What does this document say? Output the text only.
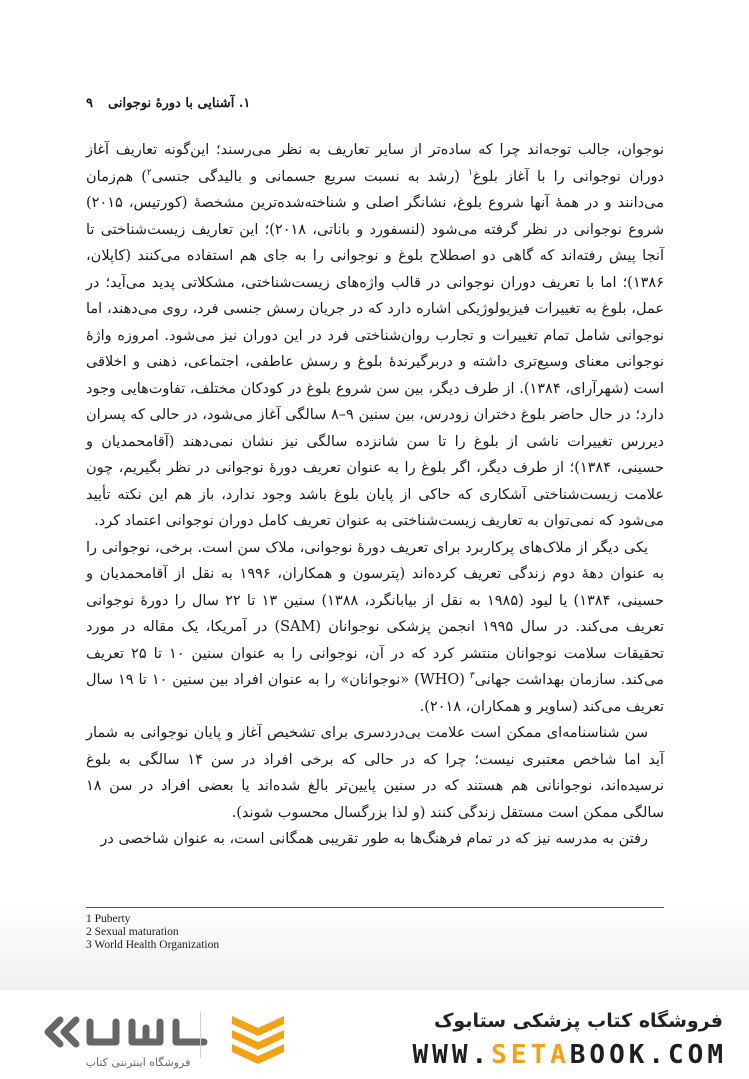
۹ ۱. آشنایی با دورهٔ نوجوانی

نوجوان، جالب توجه‌اند چرا که ساده‌تر از سایر تعاریف به نظر می‌رسند؛ این‌گونه تعاریف آغاز دوران نوجوانی را با آغاز بلوغ$^۱$ (رشد به نسبت سریع جسمانی و بالیدگی جنسی$^۲$) هم‌زمان می‌دانند و در همهٔ آنها شروع بلوغ، نشانگر اصلی و شناخته‌شده‌ترین مشخصهٔ (کورتیس، ۲۰۱۵) شروع نوجوانی در نظر گرفته می‌شود (لنسفورد و باناتی، ۲۰۱۸)؛ این تعاریف زیست‌شناختی تا آنجا پیش رفته‌اند که گاهی دو اصطلاح بلوغ و نوجوانی را به جای هم استفاده می‌کنند (کاپلان، ۱۳۸۶)؛ اما با تعریف دوران نوجوانی در قالب واژه‌های زیست‌شناختی، مشکلاتی پدید می‌آید؛ در عمل، بلوغ به تغییرات فیزیولوژیکی اشاره دارد که در جریان رسش جنسی فرد، روی می‌دهند، اما نوجوانی شامل تمام تغییرات و تجارب روان‌شناختی فرد در این دوران نیز می‌شود. امروزه واژهٔ نوجوانی معنای وسیع‌تری داشته و دربرگیرندهٔ بلوغ و رسش عاطفی، اجتماعی، ذهنی و اخلاقی است (شهرآرای، ۱۳۸۴). از طرف دیگر، بین سن شروع بلوغ در کودکان مختلف، تفاوت‌هایی وجود دارد؛ در حال حاضر بلوغ دختران زودرس، بین سنین ۹–۸ سالگی آغاز می‌شود، در حالی که پسران دیررس تغییرات ناشی از بلوغ را تا سن شانزده سالگی نیز نشان نمی‌دهند (آقامحمدیان و حسینی، ۱۳۸۴)؛ از طرف دیگر، اگر بلوغ را به عنوان تعریف دورهٔ نوجوانی در نظر بگیریم، چون علامت زیست‌شناختی آشکاری که حاکی از پایان بلوغ باشد وجود ندارد، باز هم این نکته تأیید می‌شود که نمی‌توان به تعاریف زیست‌شناختی به عنوان تعریف کامل دوران نوجوانی اعتماد کرد.

یکی دیگر از ملاک‌های پرکاربرد برای تعریف دورهٔ نوجوانی، ملاک سن است. برخی، نوجوانی را به عنوان دههٔ دوم زندگی تعریف کرده‌اند (پترسون و همکاران، ۱۹۹۶ به نقل از آقامحمدیان و حسینی، ۱۳۸۴) یا لیود (۱۹۸۵ به نقل از بیابانگرد، ۱۳۸۸) سنین ۱۳ تا ۲۲ سال را دورهٔ نوجوانی تعریف می‌کند. در سال ۱۹۹۵ انجمن پزشکی نوجوانان (SAM) در آمریکا، یک مقاله در مورد تحقیقات سلامت نوجوانان منتشر کرد که در آن، نوجوانی را به عنوان سنین ۱۰ تا ۲۵ تعریف می‌کند. سازمان بهداشت جهانی$^۳$ (WHO) «نوجوانان» را به عنوان افراد بین سنین ۱۰ تا ۱۹ سال تعریف می‌کند (ساویر و همکاران، ۲۰۱۸).

سن شناسنامه‌ای ممکن است علامت بی‌دردسری برای تشخیص آغاز و پایان نوجوانی به شمار آید اما شاخص معتبری نیست؛ چرا که در حالی که برخی افراد در سن ۱۴ سالگی به بلوغ نرسیده‌اند، نوجوانانی هم هستند که در سنین پایین‌تر بالغ شده‌اند یا بعضی افراد در سن ۱۸ سالگی ممکن است مستقل زندگی کنند (و لذا بزرگسال محسوب شوند).

رفتن به مدرسه نیز که در تمام فرهنگ‌ها به طور تقریبی همگانی است، به عنوان شاخصی در

1 Puberty
2 Sexual maturation
3 World Health Organization
فروشگاه اینترنتی کتاب
فروشگاه کتاب پزشکی ستابوک
WWW.SETABOOK.COM
